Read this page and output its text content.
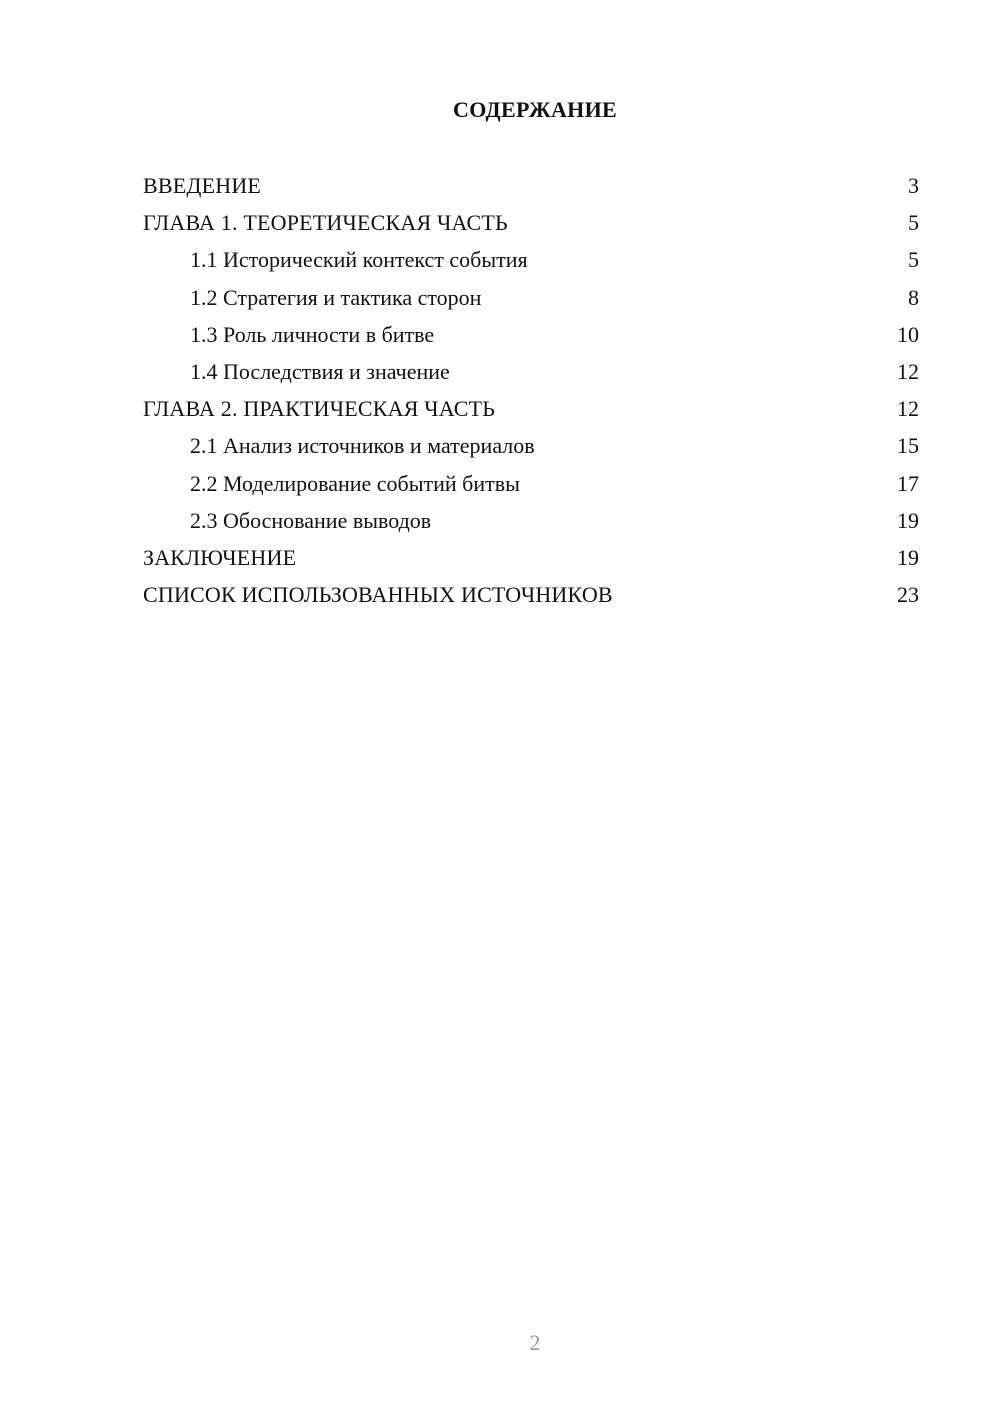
СОДЕРЖАНИЕ
ВВЕДЕНИЕ	3
ГЛАВА 1. ТЕОРЕТИЧЕСКАЯ ЧАСТЬ	5
1.1 Исторический контекст события	5
1.2 Стратегия и тактика сторон	8
1.3 Роль личности в битве	10
1.4 Последствия и значение	12
ГЛАВА 2. ПРАКТИЧЕСКАЯ ЧАСТЬ	12
2.1 Анализ источников и материалов	15
2.2 Моделирование событий битвы	17
2.3 Обоснование выводов	19
ЗАКЛЮЧЕНИЕ	19
СПИСОК ИСПОЛЬЗОВАННЫХ ИСТОЧНИКОВ	23
2
